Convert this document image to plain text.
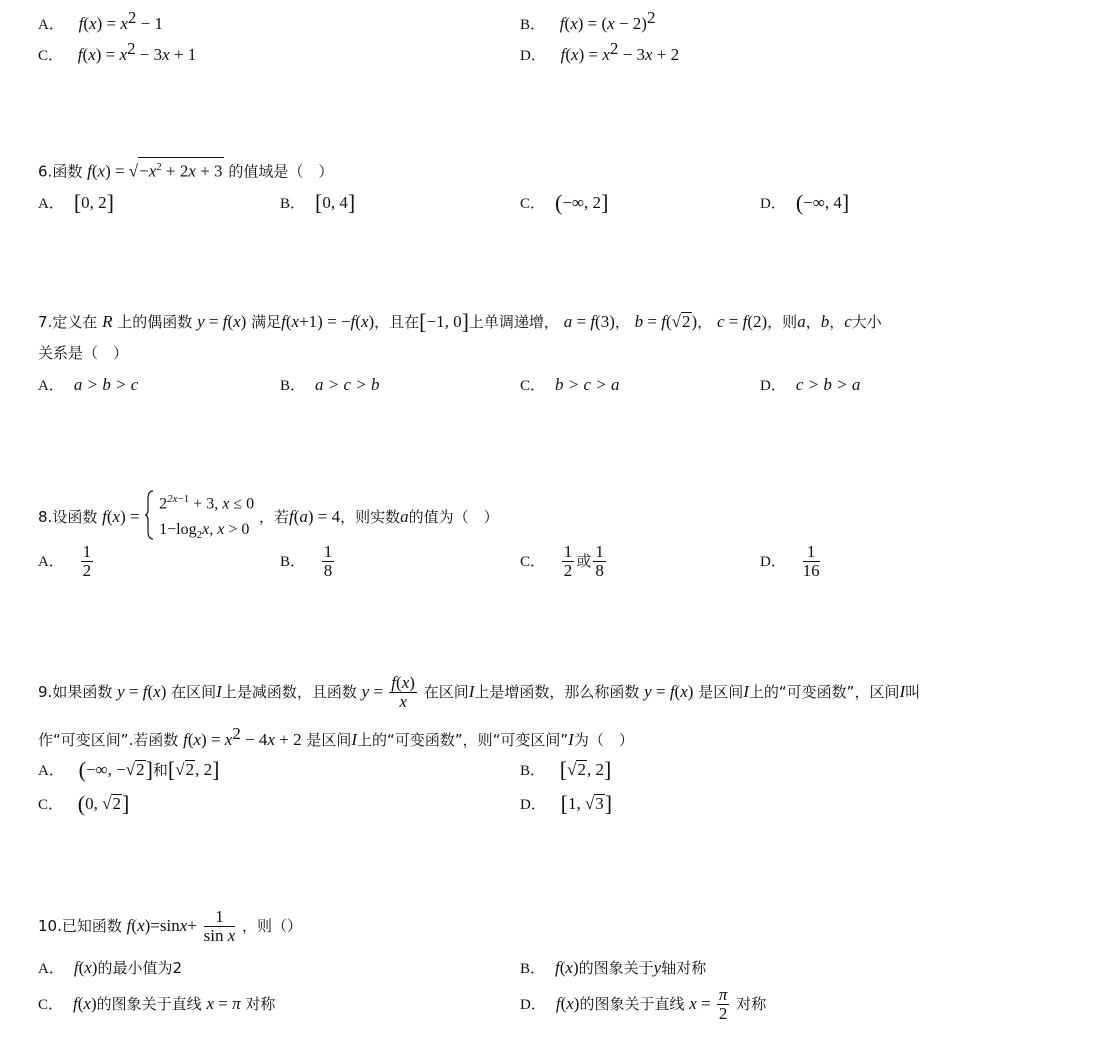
A． $f(x) = x^2 - 1$	B． $f(x) = (x - 2)^2$
C． $f(x) = x^2 - 3x + 1$	D． $f(x) = x^2 - 3x + 2$
6.函数 $f(x) = √-x^2 + 2x + 3$ 的值域是（　）
A． [0, 2]	B． [0, 4]	C． (−∞, 2]	D． (−∞, 4]
7.定义在 R 上的偶函数 y = f(x) 满足f(x+1) = −f(x)，且在[−1, 0]上单调递增， a = f(3)， b = f(√2)， c = f(2)，则a，b，c大小
关系是（　）
A． a > b > c	B． a > c > b	C． b > c > a	D． c > b > a
8.设函数 f(x) =
$2^{2x-1} + 3$, x ≤ 0
$1-\log_2x$, x > 0
，若f(a) = 4，则实数a的值为（　）
A． $\frac{1}{2}$	B． $\frac{1}{8}$	C． $\frac{1}{2}$ 或 $\frac{1}{8}$	D． $\frac{1}{16}$
9.如果函数 y = f(x) 在区间I上是减函数，且函数 $y = \frac{f(x)}{x}$ 在区间I上是增函数，那么称函数 y = f(x) 是区间I上的“可变函数”，区间I叫
作“可变区间”.若函数 $f(x) = x^2 - 4x + 2$ 是区间I上的“可变函数”，则“可变区间”I为（　）
A． (−∞, −√2]和[√2, 2]	B． [√2, 2]
C． (0, √2]	D． [1, √3]
10.已知函数 $f(x)=\sin x+ \frac{1}{\text{sin x}}$ ，则（）
A． f(x)的最小值为2	B． f(x)的图象关于y轴对称
C． f(x)的图象关于直线 x = π 对称	D． f(x)的图象关于直线 $x = \frac{\pi}{2}$ 对称
